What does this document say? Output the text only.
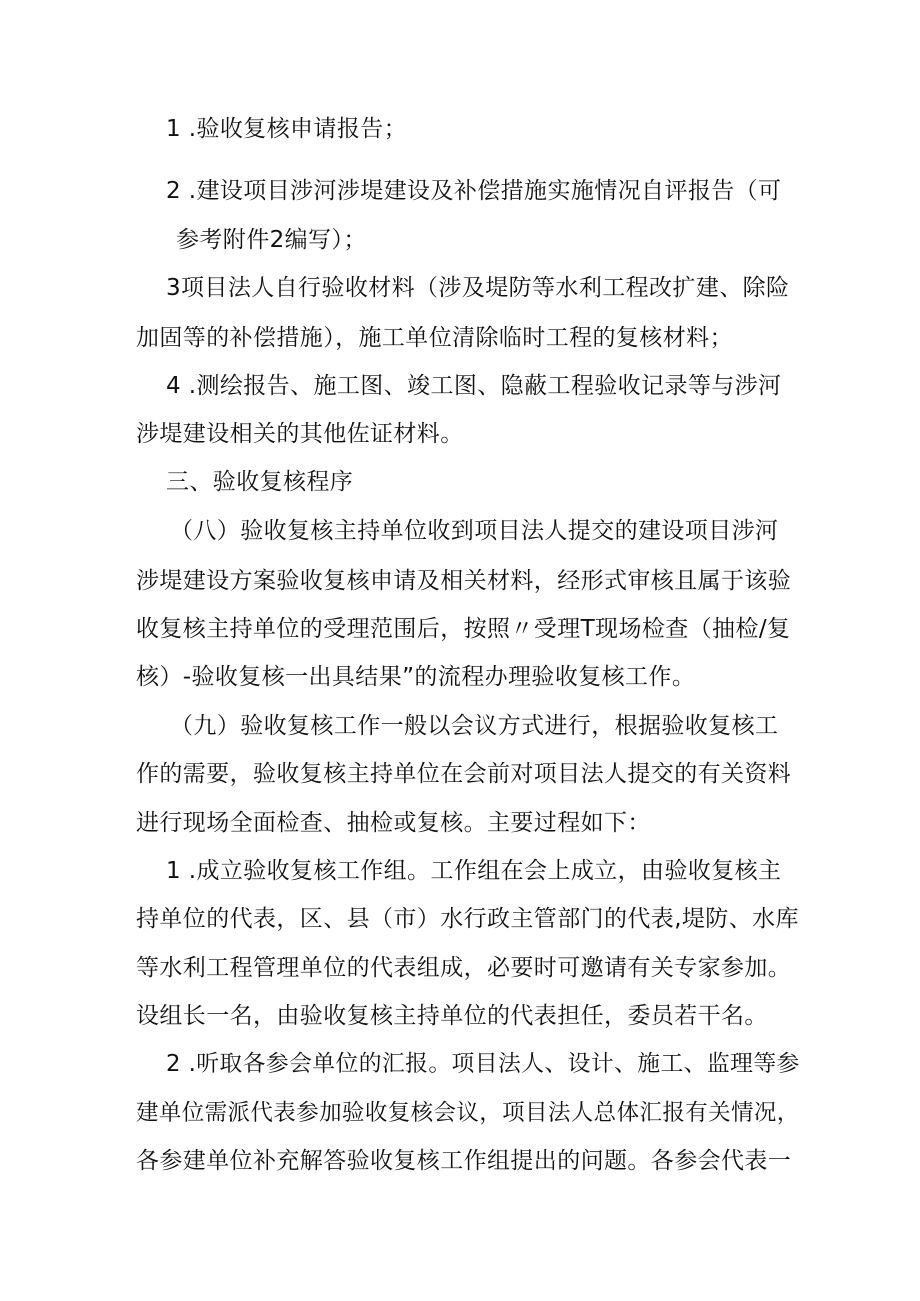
1 .验收复核申请报告；
2 .建设项目涉河涉堤建设及补偿措施实施情况自评报告（可
参考附件2编写）；
3项目法人自行验收材料（涉及堤防等水利工程改扩建、除险
加固等的补偿措施），施工单位清除临时工程的复核材料；
4 .测绘报告、施工图、竣工图、隐蔽工程验收记录等与涉河
涉堤建设相关的其他佐证材料。
三、验收复核程序
（八）验收复核主持单位收到项目法人提交的建设项目涉河
涉堤建设方案验收复核申请及相关材料，经形式审核且属于该验
收复核主持单位的受理范围后，按照〃受理T现场检查（抽检/复
核）-验收复核一出具结果”的流程办理验收复核工作。
（九）验收复核工作一般以会议方式进行，根据验收复核工
作的需要，验收复核主持单位在会前对项目法人提交的有关资料
进行现场全面检查、抽检或复核。主要过程如下：
1 .成立验收复核工作组。工作组在会上成立，由验收复核主
持单位的代表，区、县（市）水行政主管部门的代表,堤防、水库
等水利工程管理单位的代表组成，必要时可邀请有关专家参加。
设组长一名，由验收复核主持单位的代表担任，委员若干名。
2 .听取各参会单位的汇报。项目法人、设计、施工、监理等参
建单位需派代表参加验收复核会议，项目法人总体汇报有关情况，
各参建单位补充解答验收复核工作组提出的问题。各参会代表一
